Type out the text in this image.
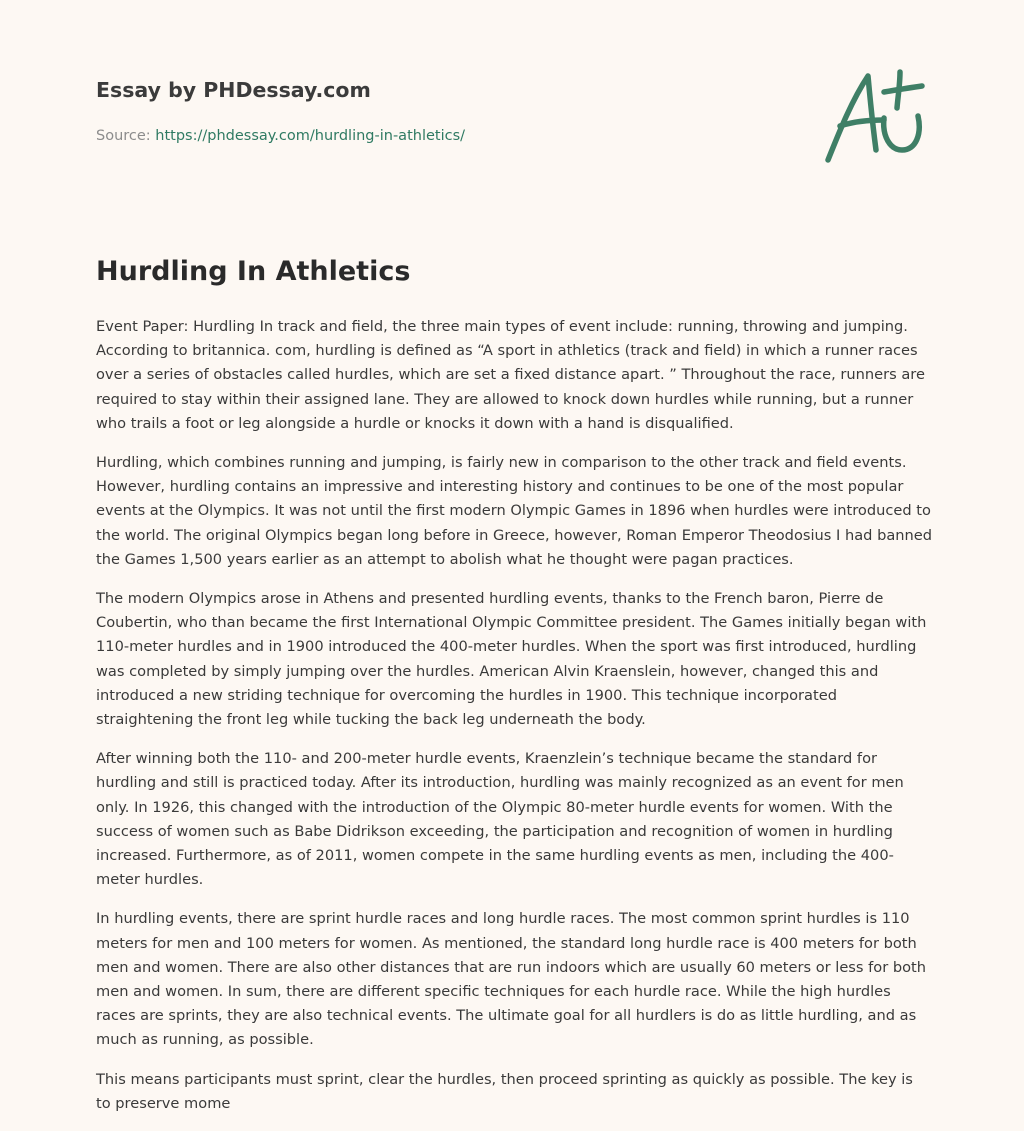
Essay by PHDessay.com
Source: https://phdessay.com/hurdling-in-athletics/
Hurdling In Athletics

Event Paper: Hurdling In track and field, the three main types of event include: running, throwing and jumping. According to britannica. com, hurdling is defined as “A sport in athletics (track and field) in which a runner races over a series of obstacles called hurdles, which are set a fixed distance apart. ” Throughout the race, runners are required to stay within their assigned lane. They are allowed to knock down hurdles while running, but a runner who trails a foot or leg alongside a hurdle or knocks it down with a hand is disqualified.

Hurdling, which combines running and jumping, is fairly new in comparison to the other track and field events. However, hurdling contains an impressive and interesting history and continues to be one of the most popular events at the Olympics. It was not until the first modern Olympic Games in 1896 when hurdles were introduced to the world. The original Olympics began long before in Greece, however, Roman Emperor Theodosius I had banned the Games 1,500 years earlier as an attempt to abolish what he thought were pagan practices.

The modern Olympics arose in Athens and presented hurdling events, thanks to the French baron, Pierre de Coubertin, who than became the first International Olympic Committee president. The Games initially began with 110-meter hurdles and in 1900 introduced the 400-meter hurdles. When the sport was first introduced, hurdling was completed by simply jumping over the hurdles. American Alvin Kraenslein, however, changed this and introduced a new striding technique for overcoming the hurdles in 1900. This technique incorporated straightening the front leg while tucking the back leg underneath the body.

After winning both the 110- and 200-meter hurdle events, Kraenzlein’s technique became the standard for hurdling and still is practiced today. After its introduction, hurdling was mainly recognized as an event for men only. In 1926, this changed with the introduction of the Olympic 80-meter hurdle events for women. With the success of women such as Babe Didrikson exceeding, the participation and recognition of women in hurdling increased. Furthermore, as of 2011, women compete in the same hurdling events as men, including the 400-meter hurdles.

In hurdling events, there are sprint hurdle races and long hurdle races. The most common sprint hurdles is 110 meters for men and 100 meters for women. As mentioned, the standard long hurdle race is 400 meters for both men and women. There are also other distances that are run indoors which are usually 60 meters or less for both men and women. In sum, there are different specific techniques for each hurdle race. While the high hurdles races are sprints, they are also technical events. The ultimate goal for all hurdlers is do as little hurdling, and as much as running, as possible.

This means participants must sprint, clear the hurdles, then proceed sprinting as quickly as possible. The key is to preserve mome
